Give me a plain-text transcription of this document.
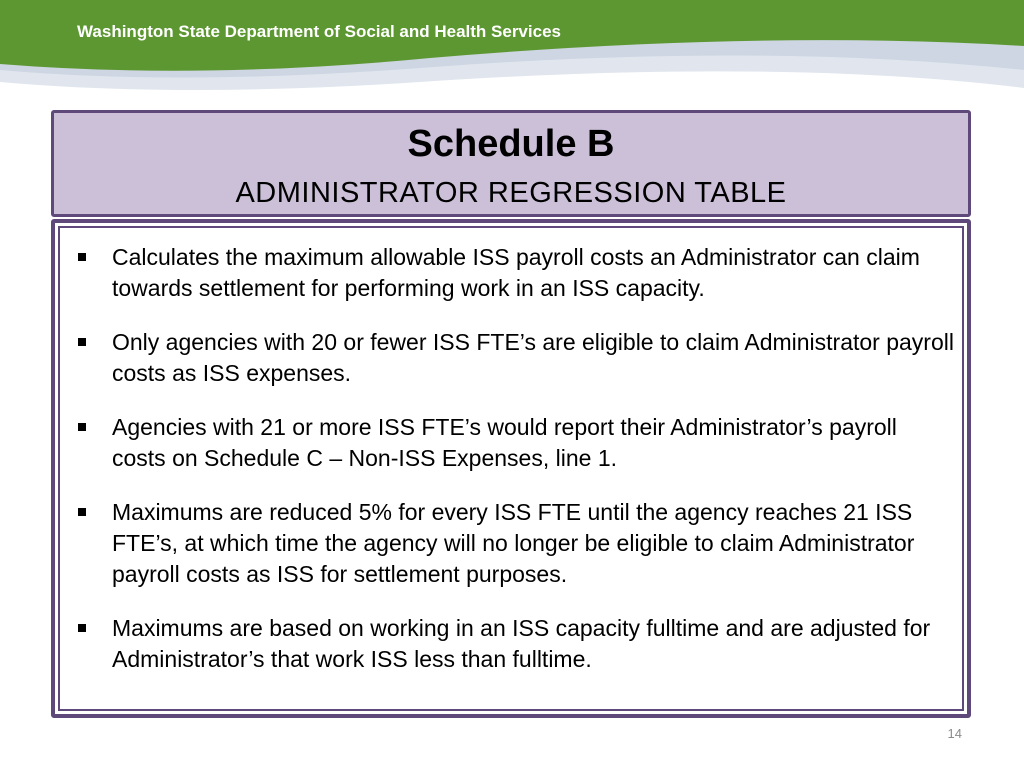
Washington State Department of Social and Health Services
Schedule B
ADMINISTRATOR REGRESSION TABLE
Calculates the maximum allowable ISS payroll costs an Administrator can claim towards settlement for performing work in an ISS capacity.
Only agencies with 20 or fewer ISS FTE’s are eligible to claim Administrator payroll costs as ISS expenses.
Agencies with 21 or more ISS FTE’s would report their Administrator’s payroll costs on Schedule C – Non-ISS Expenses, line 1.
Maximums are reduced 5% for every ISS FTE until the agency reaches 21 ISS FTE’s, at which time the agency will no longer be eligible to claim Administrator payroll costs as ISS for settlement purposes.
Maximums are based on working in an ISS capacity fulltime and are adjusted for Administrator’s that work ISS less than fulltime.
14
